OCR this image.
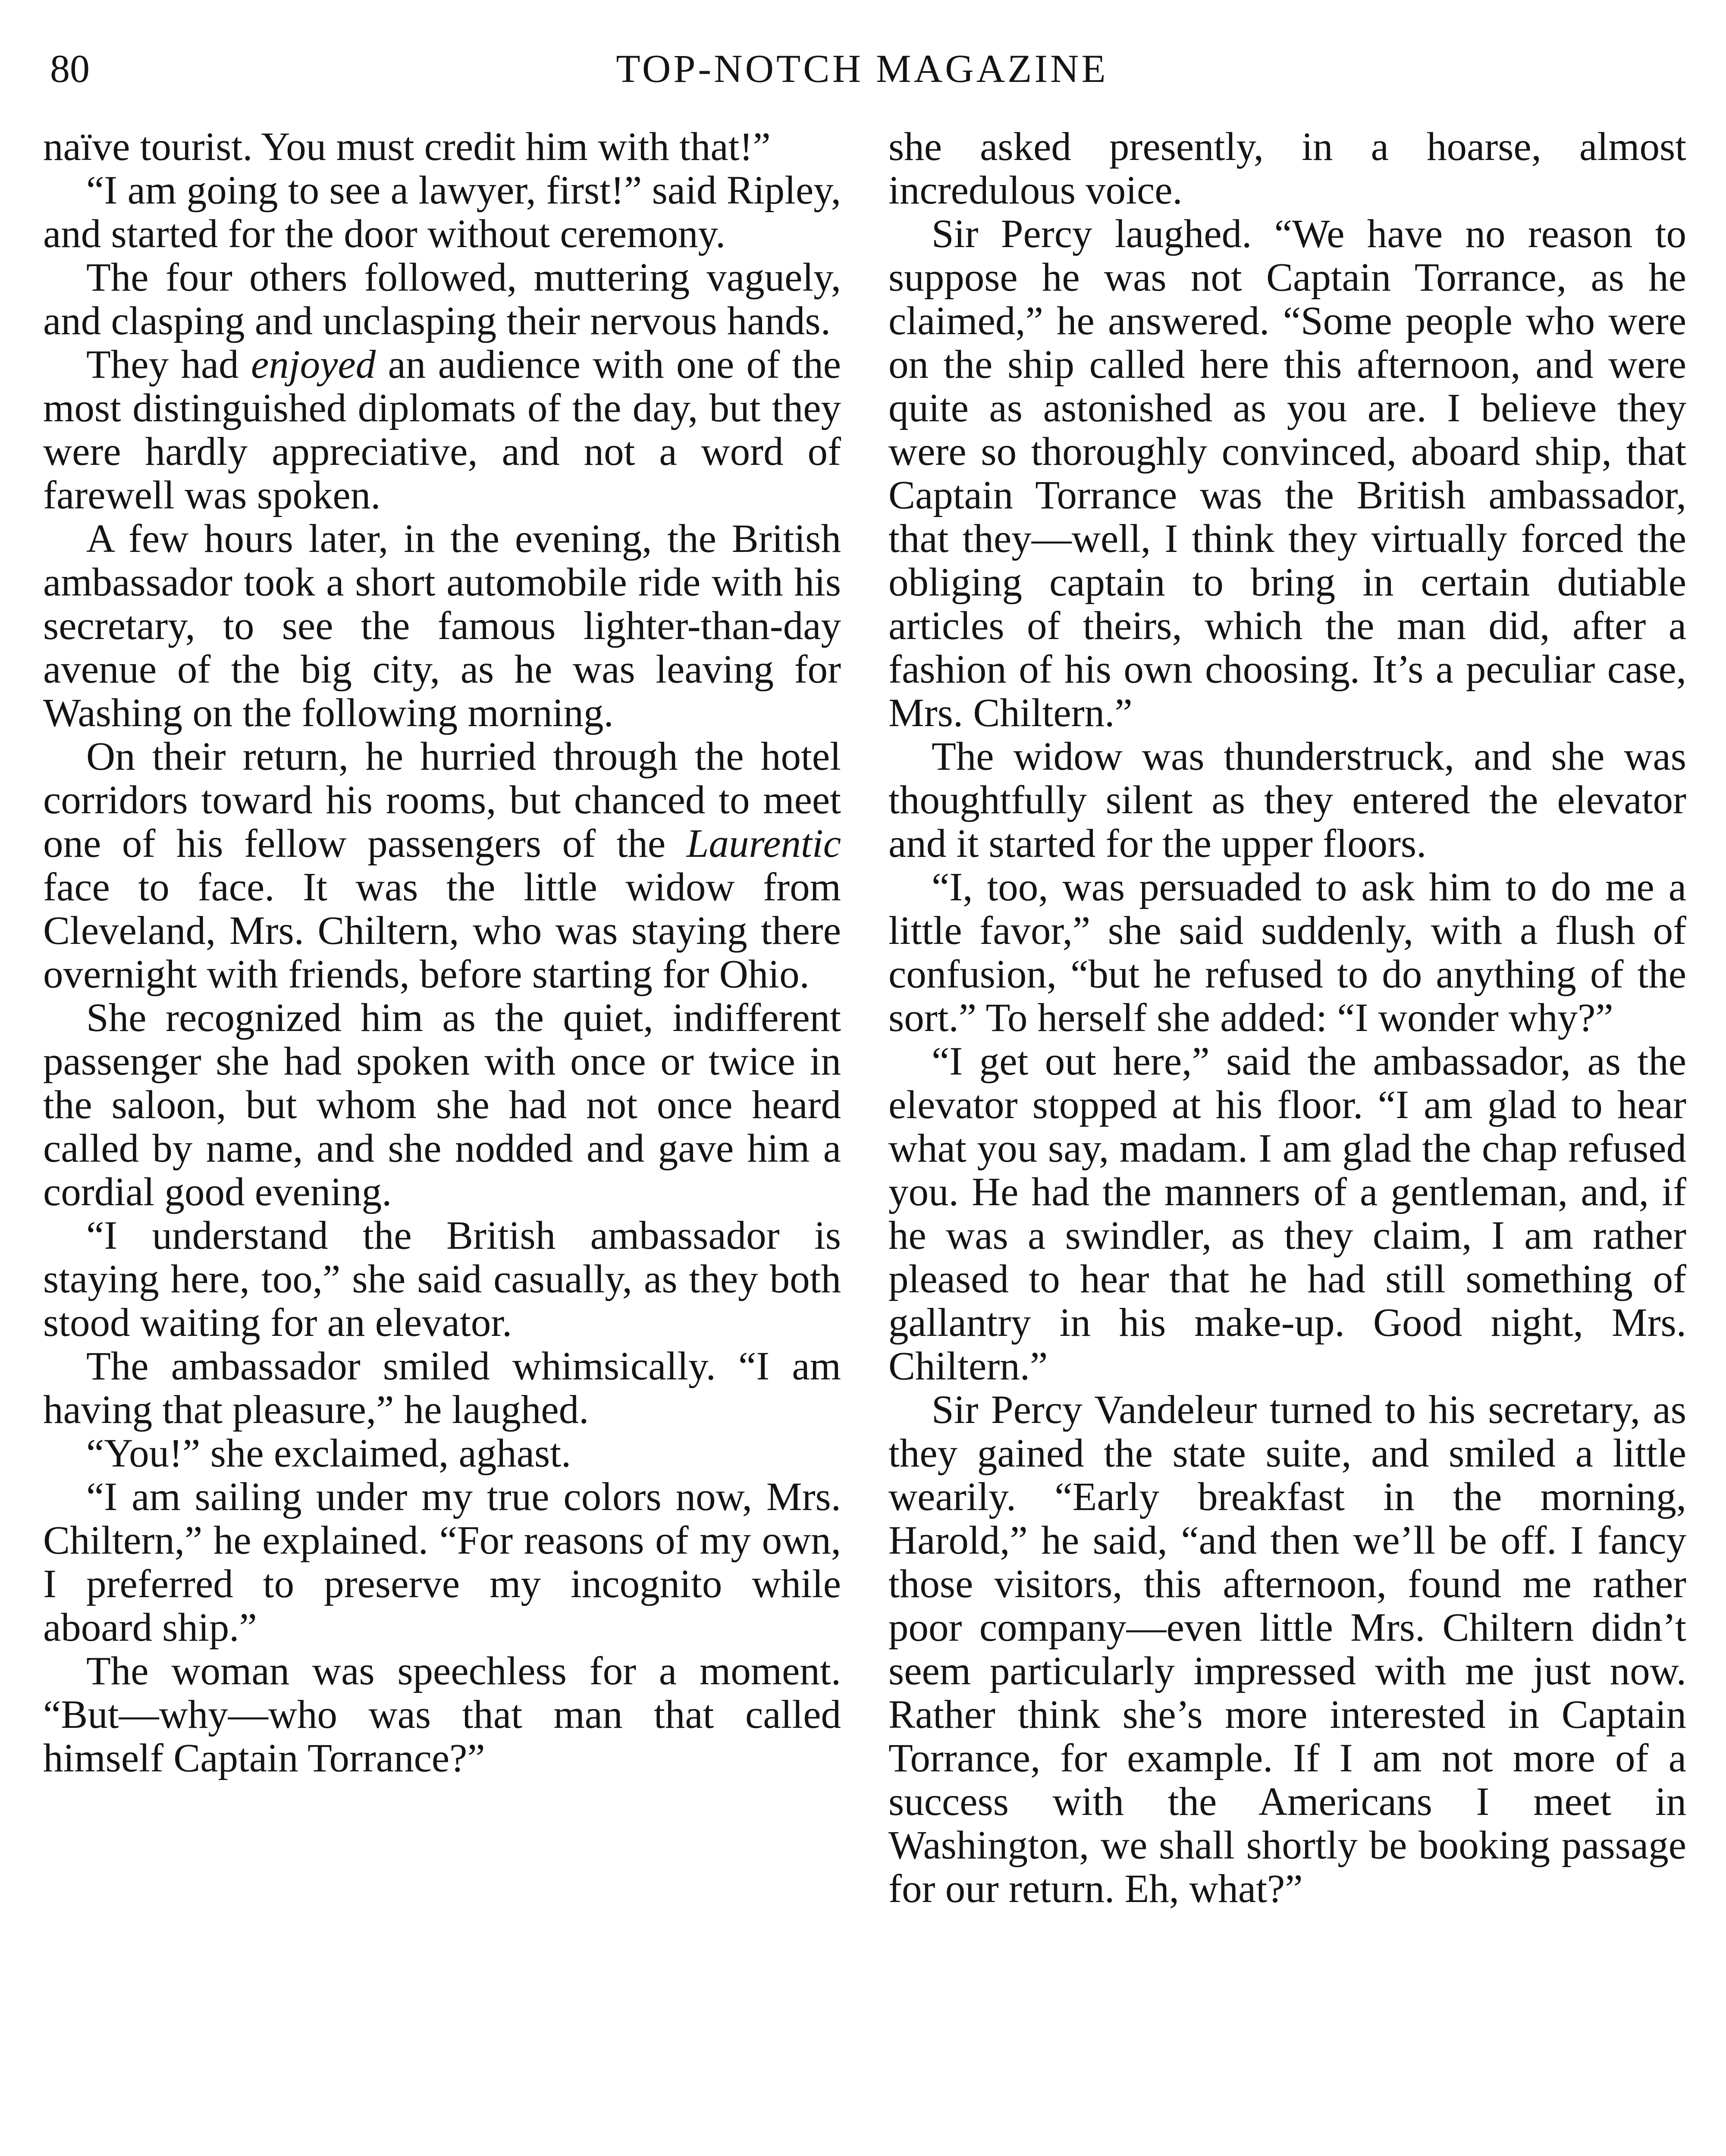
80	TOP-NOTCH MAGAZINE

naïve tourist. You must credit him with that!”

“I am going to see a lawyer, first!” said Ripley, and started for the door without ceremony.

The four others followed, muttering vaguely, and clasping and unclasping their nervous hands.

They had enjoyed an audience with one of the most distinguished diplomats of the day, but they were hardly appreciative, and not a word of farewell was spoken.

A few hours later, in the evening, the British ambassador took a short automobile ride with his secretary, to see the famous lighter-than-day avenue of the big city, as he was leaving for Washing on the following morning.

On their return, he hurried through the hotel corridors toward his rooms, but chanced to meet one of his fellow passengers of the Laurentic face to face. It was the little widow from Cleveland, Mrs. Chiltern, who was staying there overnight with friends, before starting for Ohio.

She recognized him as the quiet, indifferent passenger she had spoken with once or twice in the saloon, but whom she had not once heard called by name, and she nodded and gave him a cordial good evening.

“I understand the British ambassador is staying here, too,” she said casually, as they both stood waiting for an elevator.

The ambassador smiled whimsically. “I am having that pleasure,” he laughed.

“You!” she exclaimed, aghast.

“I am sailing under my true colors now, Mrs. Chiltern,” he explained. “For reasons of my own, I preferred to preserve my incognito while aboard ship.”

The woman was speechless for a moment. “But—why—who was that man that called himself Captain Torrance?”

she asked presently, in a hoarse, almost incredulous voice.

Sir Percy laughed. “We have no reason to suppose he was not Captain Torrance, as he claimed,” he answered. “Some people who were on the ship called here this afternoon, and were quite as astonished as you are. I believe they were so thoroughly convinced, aboard ship, that Captain Torrance was the British ambassador, that they—well, I think they virtually forced the obliging captain to bring in certain dutiable articles of theirs, which the man did, after a fashion of his own choosing. It’s a peculiar case, Mrs. Chiltern.”

The widow was thunderstruck, and she was thoughtfully silent as they entered the elevator and it started for the upper floors.

“I, too, was persuaded to ask him to do me a little favor,” she said suddenly, with a flush of confusion, “but he refused to do anything of the sort.” To herself she added: “I wonder why?”

“I get out here,” said the ambassador, as the elevator stopped at his floor. “I am glad to hear what you say, madam. I am glad the chap refused you. He had the manners of a gentleman, and, if he was a swindler, as they claim, I am rather pleased to hear that he had still something of gallantry in his make-up. Good night, Mrs. Chiltern.”

Sir Percy Vandeleur turned to his secretary, as they gained the state suite, and smiled a little wearily. “Early breakfast in the morning, Harold,” he said, “and then we’ll be off. I fancy those visitors, this afternoon, found me rather poor company—even little Mrs. Chiltern didn’t seem particularly impressed with me just now. Rather think she’s more interested in Captain Torrance, for example. If I am not more of a success with the Americans I meet in Washington, we shall shortly be booking passage for our return. Eh, what?”
